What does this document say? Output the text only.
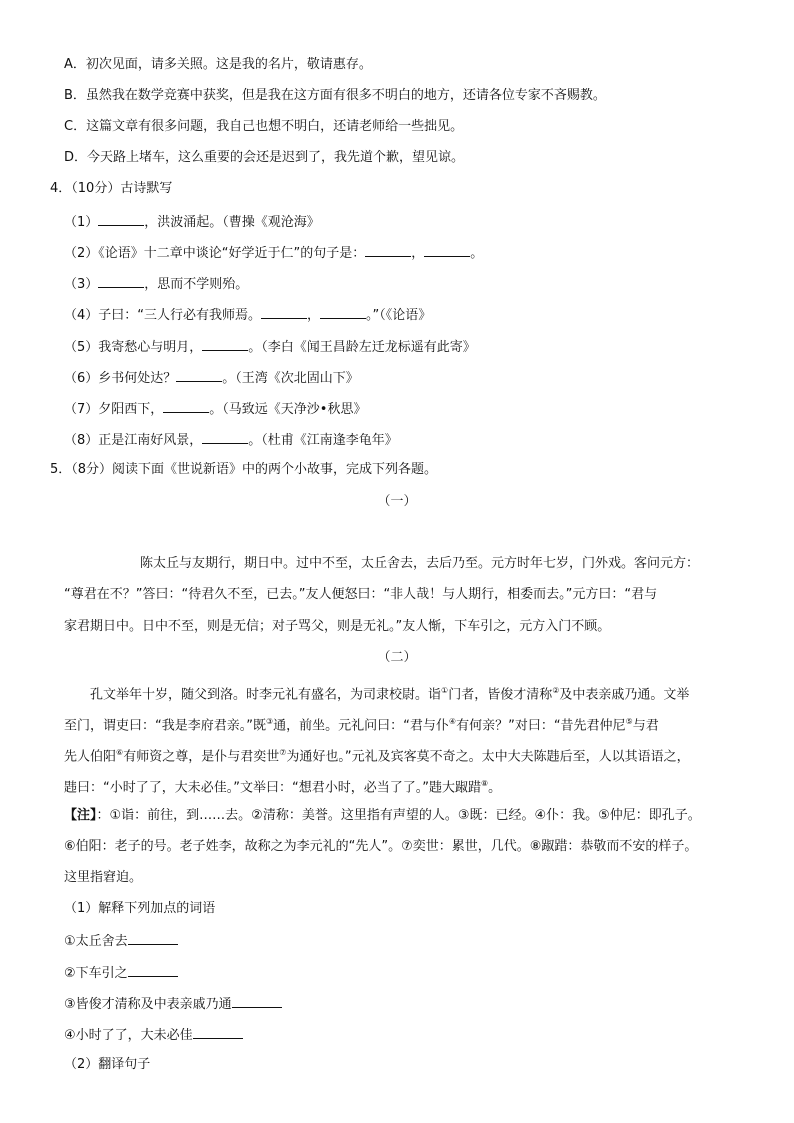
A．初次见面，请多关照。这是我的名片，敬请惠存。
B．虽然我在数学竞赛中获奖，但是我在这方面有很多不明白的地方，还请各位专家不吝赐教。
C．这篇文章有很多问题，我自己也想不明白，还请老师给一些拙见。
D．今天路上堵车，这么重要的会还是迟到了，我先道个歉，望见谅。
4．（10分）古诗默写
（1）	，洪波涌起。（曹操《观沧海》
（2）《论语》十二章中谈论“好学近于仁”的句子是：	，	。
（3）	，思而不学则殆。
（4）子曰：“三人行必有我师焉。	，	。”（《论语》
（5）我寄愁心与明月，	。（李白《闻王昌龄左迁龙标遥有此寄》
（6）乡书何处达？	。（王湾《次北固山下》
（7）夕阳西下，	。（马致远《天净沙•秋思》
（8）正是江南好风景，	。（杜甫《江南逢李龟年》
5．（8分）阅读下面《世说新语》中的两个小故事，完成下列各题。
（一）
陈太丘与友期行，期日中。过中不至，太丘舍去，去后乃至。元方时年七岁，门外戏。客问元方：
“尊君在不？”答曰：“待君久不至，已去。”友人便怒曰：“非人哉！与人期行，相委而去。”元方曰：“君与
家君期日中。日中不至，则是无信；对子骂父，则是无礼。”友人惭，下车引之，元方入门不顾。
（二）
孔文举年十岁，随父到洛。时李元礼有盛名，为司隶校尉。诣①门者，皆俊才清称②及中表亲戚乃通。文举
至门，谓吏曰：“我是李府君亲。”既③通，前坐。元礼问曰：“君与仆④有何亲？”对曰：“昔先君仲尼⑤与君
先人伯阳⑥有师资之尊，是仆与君奕世⑦为通好也。”元礼及宾客莫不奇之。太中大夫陈韪后至，人以其语语之，
韪曰：“小时了了，大未必佳。”文举曰：“想君小时，必当了了。”韪大踧踖⑧。
【注】：①诣：前往，到……去。②清称：美誉。这里指有声望的人。③既：已经。④仆：我。⑤仲尼：即孔子。
⑥伯阳：老子的号。老子姓李，故称之为李元礼的“先人”。⑦奕世：累世，几代。⑧踧踖：恭敬而不安的样子。
这里指窘迫。
（1）解释下列加点的词语
①太丘舍去
②下车引之
③皆俊才清称及中表亲戚乃通
④小时了了，大未必佳
（2）翻译句子
